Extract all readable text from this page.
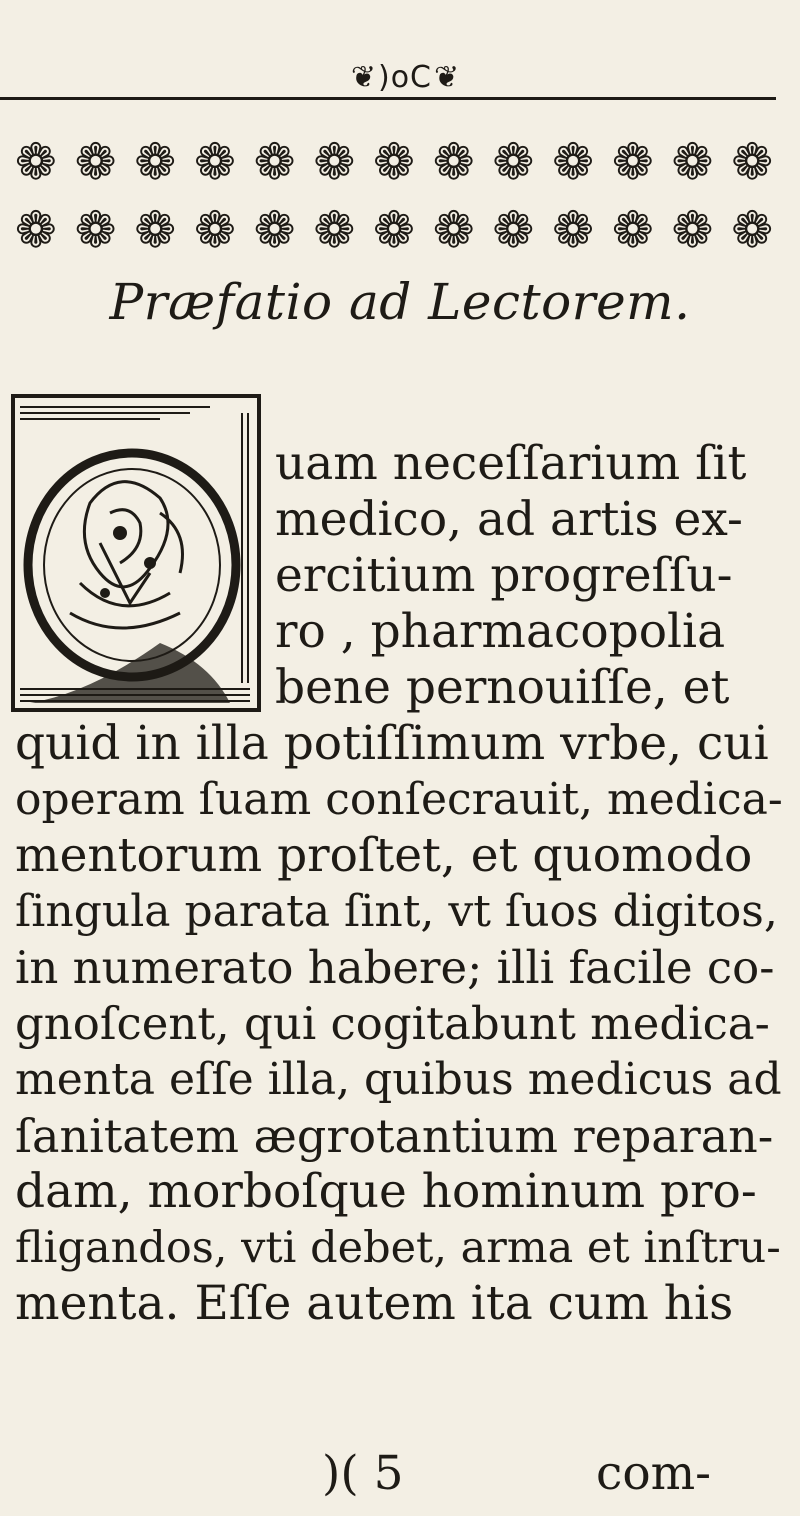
❦ )oC ❦
❁ ❁ ❁ ❁ ❁ ❁ ❁ ❁ ❁ ❁ ❁ ❁ ❁
❁ ❁ ❁ ❁ ❁ ❁ ❁ ❁ ❁ ❁ ❁ ❁ ❁
Præfatio ad Lectorem.
uam neceſſarium ſit
medico, ad artis ex-
ercitium progreſſu-
ro , pharmacopolia
bene pernouiſſe, et
quid in illa potiſſimum vrbe, cui
operam ſuam conſecrauit, medica-
mentorum proſtet, et quomodo
ſingula parata ſint, vt ſuos digitos,
in numerato habere; illi facile co-
gnoſcent, qui cogitabunt medica-
menta eſſe illa, quibus medicus ad
ſanitatem ægrotantium reparan-
dam, morboſque hominum pro-
fligandos, vti debet, arma et inſtru-
menta. Eſſe autem ita cum his
)( 5	com-
